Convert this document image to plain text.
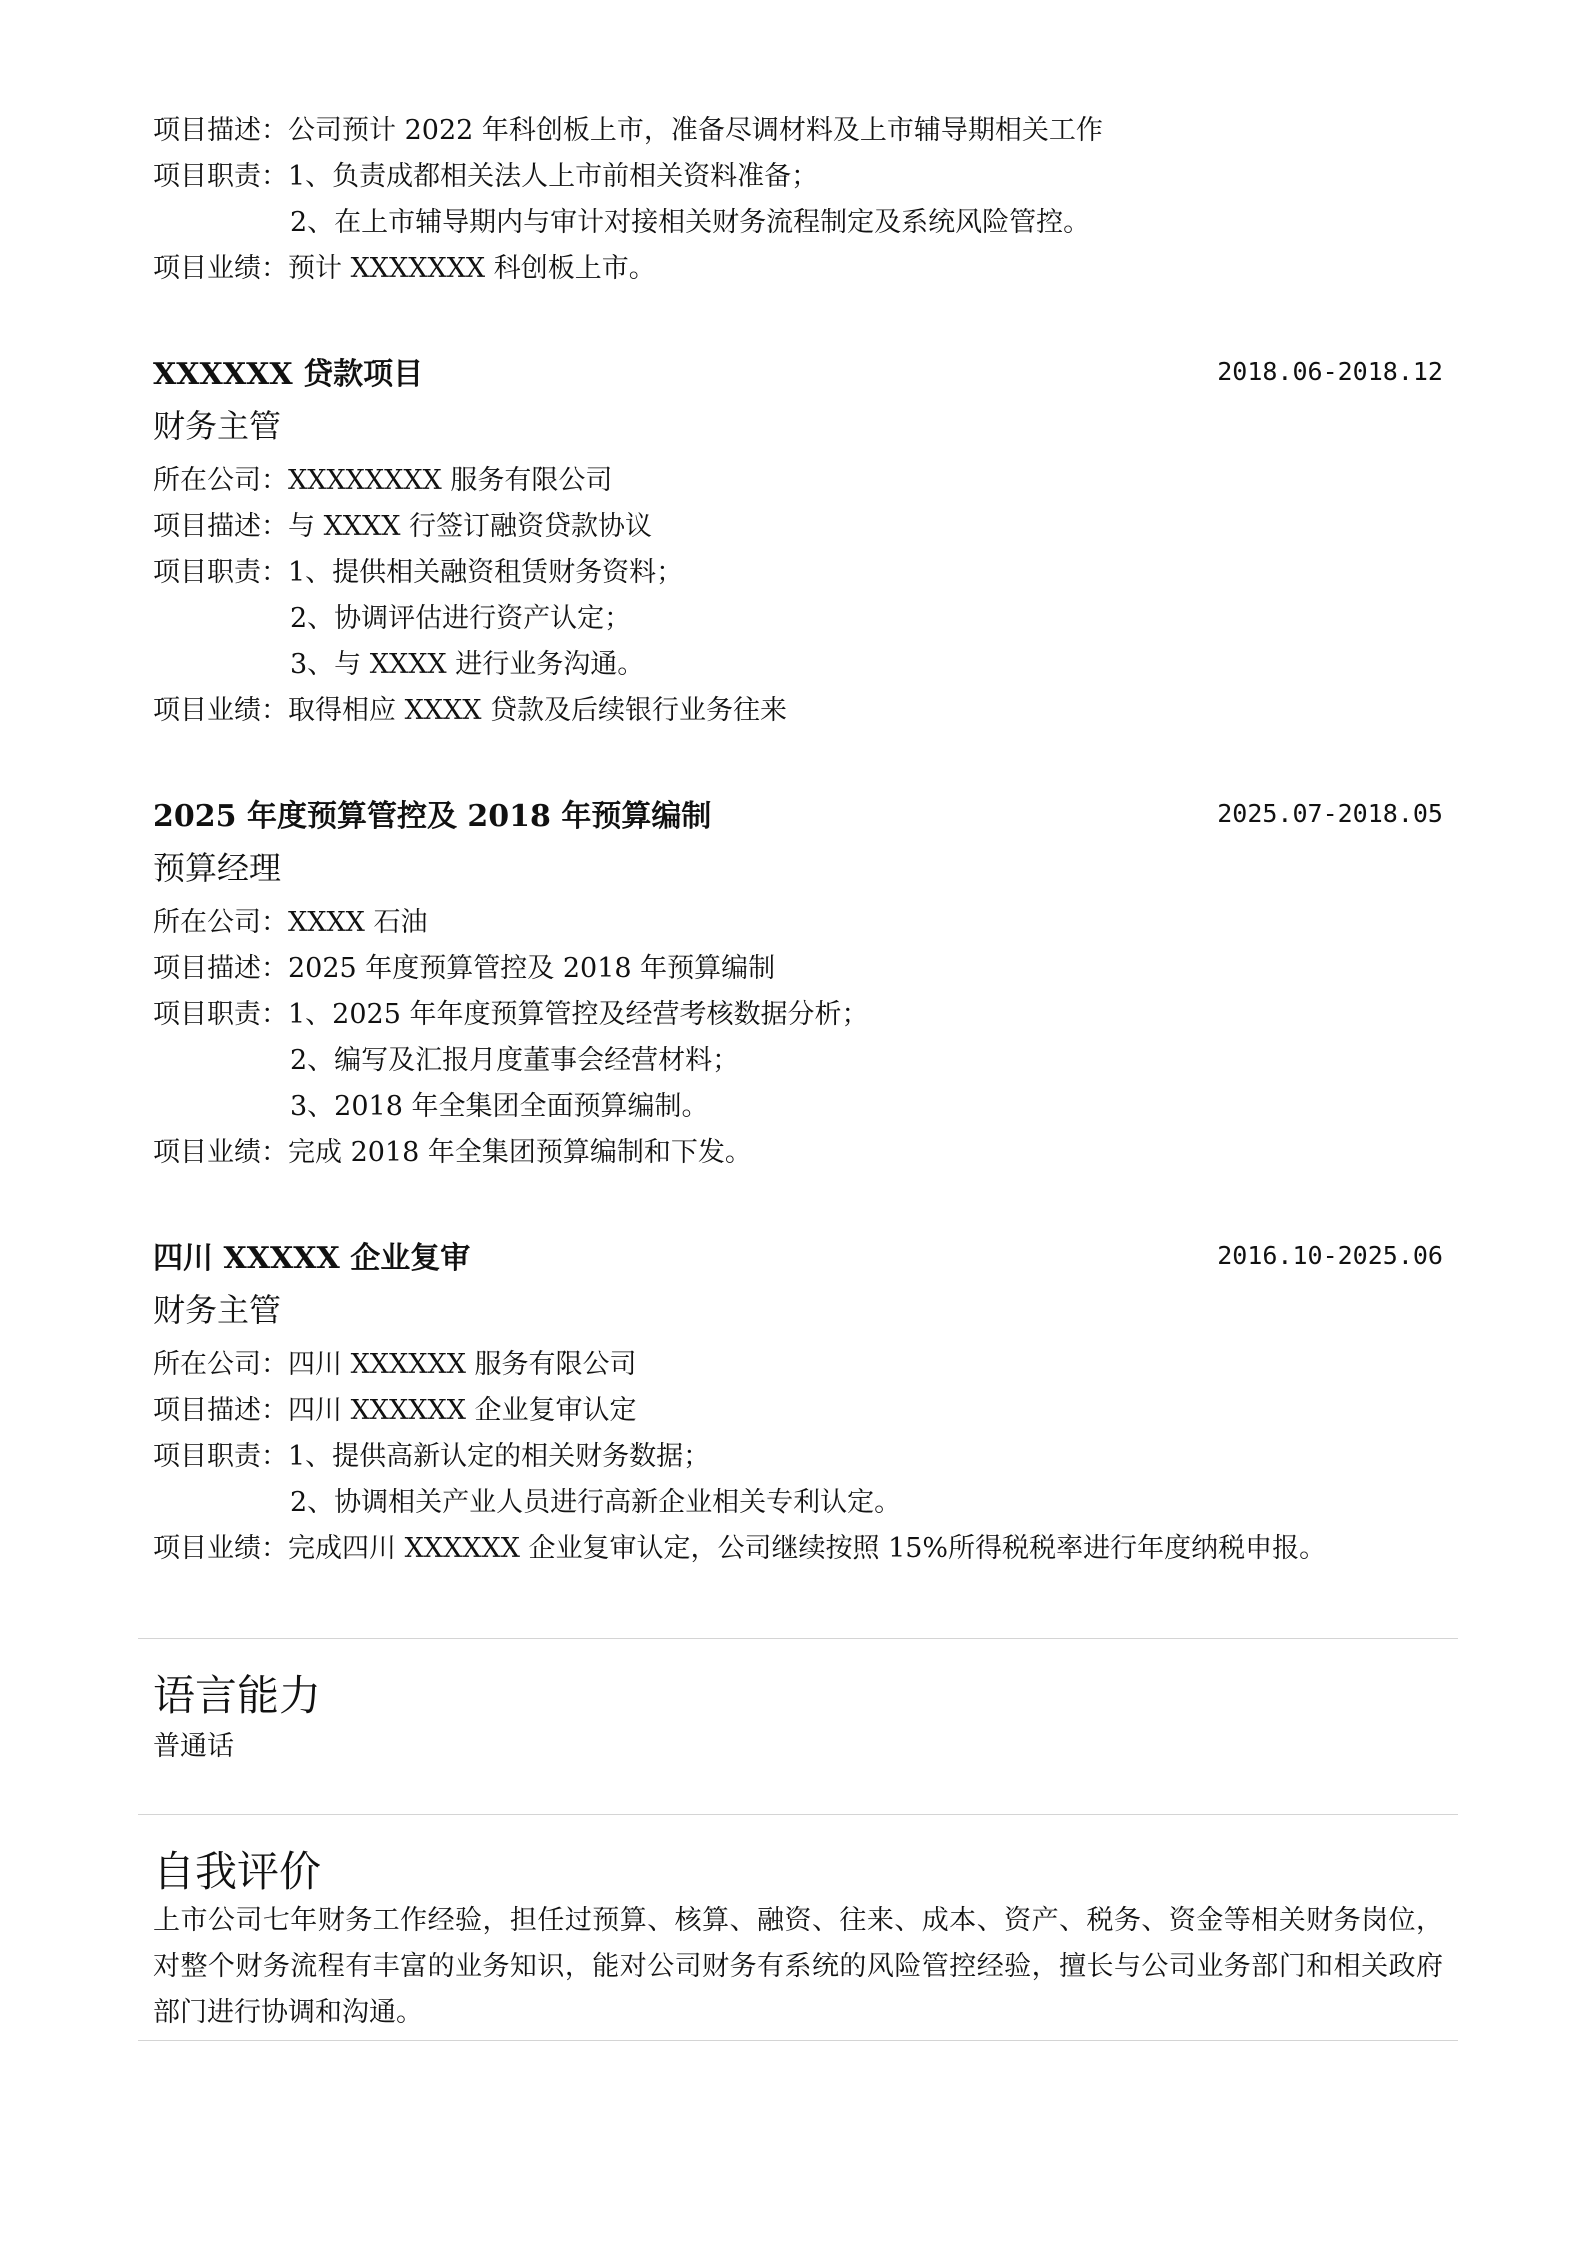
项目描述：公司预计 2022 年科创板上市，准备尽调材料及上市辅导期相关工作
项目职责：1、负责成都相关法人上市前相关资料准备；
2、在上市辅导期内与审计对接相关财务流程制定及系统风险管控。
项目业绩：预计 XXXXXXX 科创板上市。
XXXXXX 贷款项目	2018.06-2018.12
财务主管
所在公司：XXXXXXXX 服务有限公司
项目描述：与 XXXX 行签订融资贷款协议
项目职责：1、提供相关融资租赁财务资料；
2、协调评估进行资产认定；
3、与 XXXX 进行业务沟通。
项目业绩：取得相应 XXXX 贷款及后续银行业务往来
2025 年度预算管控及 2018 年预算编制	2025.07-2018.05
预算经理
所在公司：XXXX 石油
项目描述：2025 年度预算管控及 2018 年预算编制
项目职责：1、2025 年年度预算管控及经营考核数据分析；
2、编写及汇报月度董事会经营材料；
3、2018 年全集团全面预算编制。
项目业绩：完成 2018 年全集团预算编制和下发。
四川 XXXXX 企业复审	2016.10-2025.06
财务主管
所在公司：四川 XXXXXX 服务有限公司
项目描述：四川 XXXXXX 企业复审认定
项目职责：1、提供高新认定的相关财务数据；
2、协调相关产业人员进行高新企业相关专利认定。
项目业绩：完成四川 XXXXXX 企业复审认定，公司继续按照 15%所得税税率进行年度纳税申报。
语言能力
普通话
自我评价
上市公司七年财务工作经验，担任过预算、核算、融资、往来、成本、资产、税务、资金等相关财务岗位，对整个财务流程有丰富的业务知识，能对公司财务有系统的风险管控经验，擅长与公司业务部门和相关政府部门进行协调和沟通。
